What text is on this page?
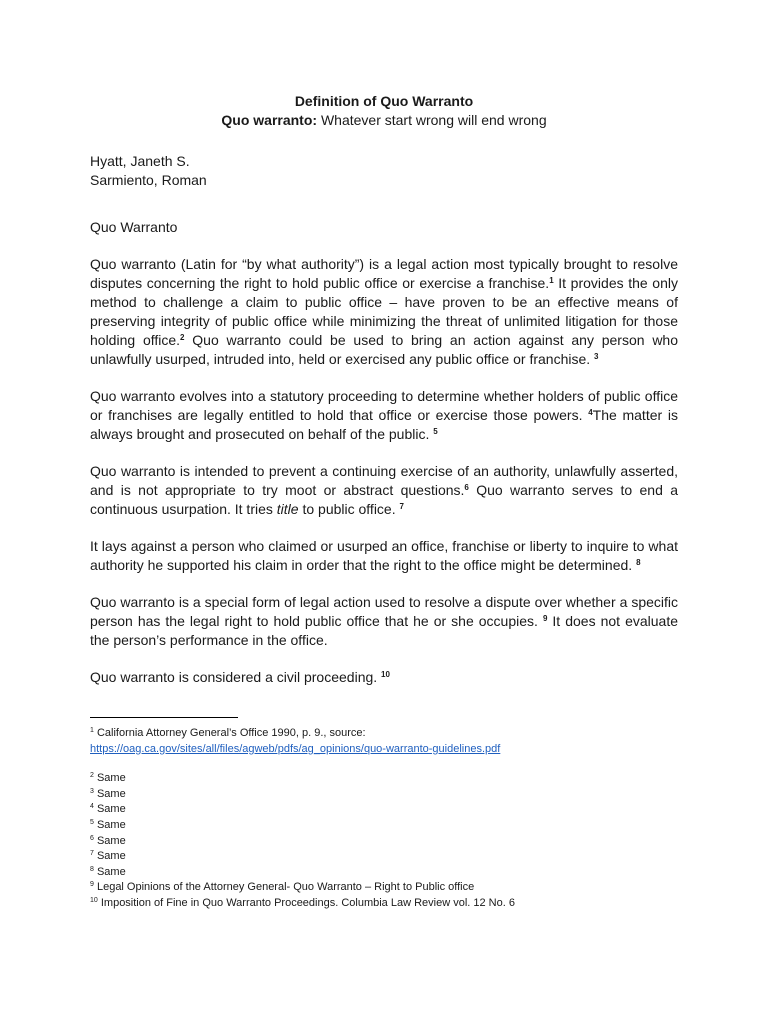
Definition of Quo Warranto
Quo warranto: Whatever start wrong will end wrong
Hyatt, Janeth S.
Sarmiento, Roman
Quo Warranto

Quo warranto (Latin for “by what authority”) is a legal action most typically brought to resolve disputes concerning the right to hold public office or exercise a franchise.$^1$ It provides the only method to challenge a claim to public office – have proven to be an effective means of preserving integrity of public office while minimizing the threat of unlimited litigation for those holding office.$^2$ Quo warranto could be used to bring an action against any person who unlawfully usurped, intruded into, held or exercised any public office or franchise. $^3$

Quo warranto evolves into a statutory proceeding to determine whether holders of public office or franchises are legally entitled to hold that office or exercise those powers. $^4$The matter is always brought and prosecuted on behalf of the public. $^5$

Quo warranto is intended to prevent a continuing exercise of an authority, unlawfully asserted, and is not appropriate to try moot or abstract questions.$^6$ Quo warranto serves to end a continuous usurpation. It tries title to public office. $^7$

It lays against a person who claimed or usurped an office, franchise or liberty to inquire to what authority he supported his claim in order that the right to the office might be determined. $^8$

Quo warranto is a special form of legal action used to resolve a dispute over whether a specific person has the legal right to hold public office that he or she occupies. $^9$ It does not evaluate the person’s performance in the office.

Quo warranto is considered a civil proceeding. $^{10}$

$^1$ California Attorney General’s Office 1990, p. 9., source:
https://oag.ca.gov/sites/all/files/agweb/pdfs/ag_opinions/quo-warranto-guidelines.pdf
$^2$ Same
$^3$ Same
$^4$ Same
$^5$ Same
$^6$ Same
$^7$ Same
$^8$ Same
$^9$ Legal Opinions of the Attorney General- Quo Warranto – Right to Public office
$^{10}$ Imposition of Fine in Quo Warranto Proceedings. Columbia Law Review vol. 12 No. 6
